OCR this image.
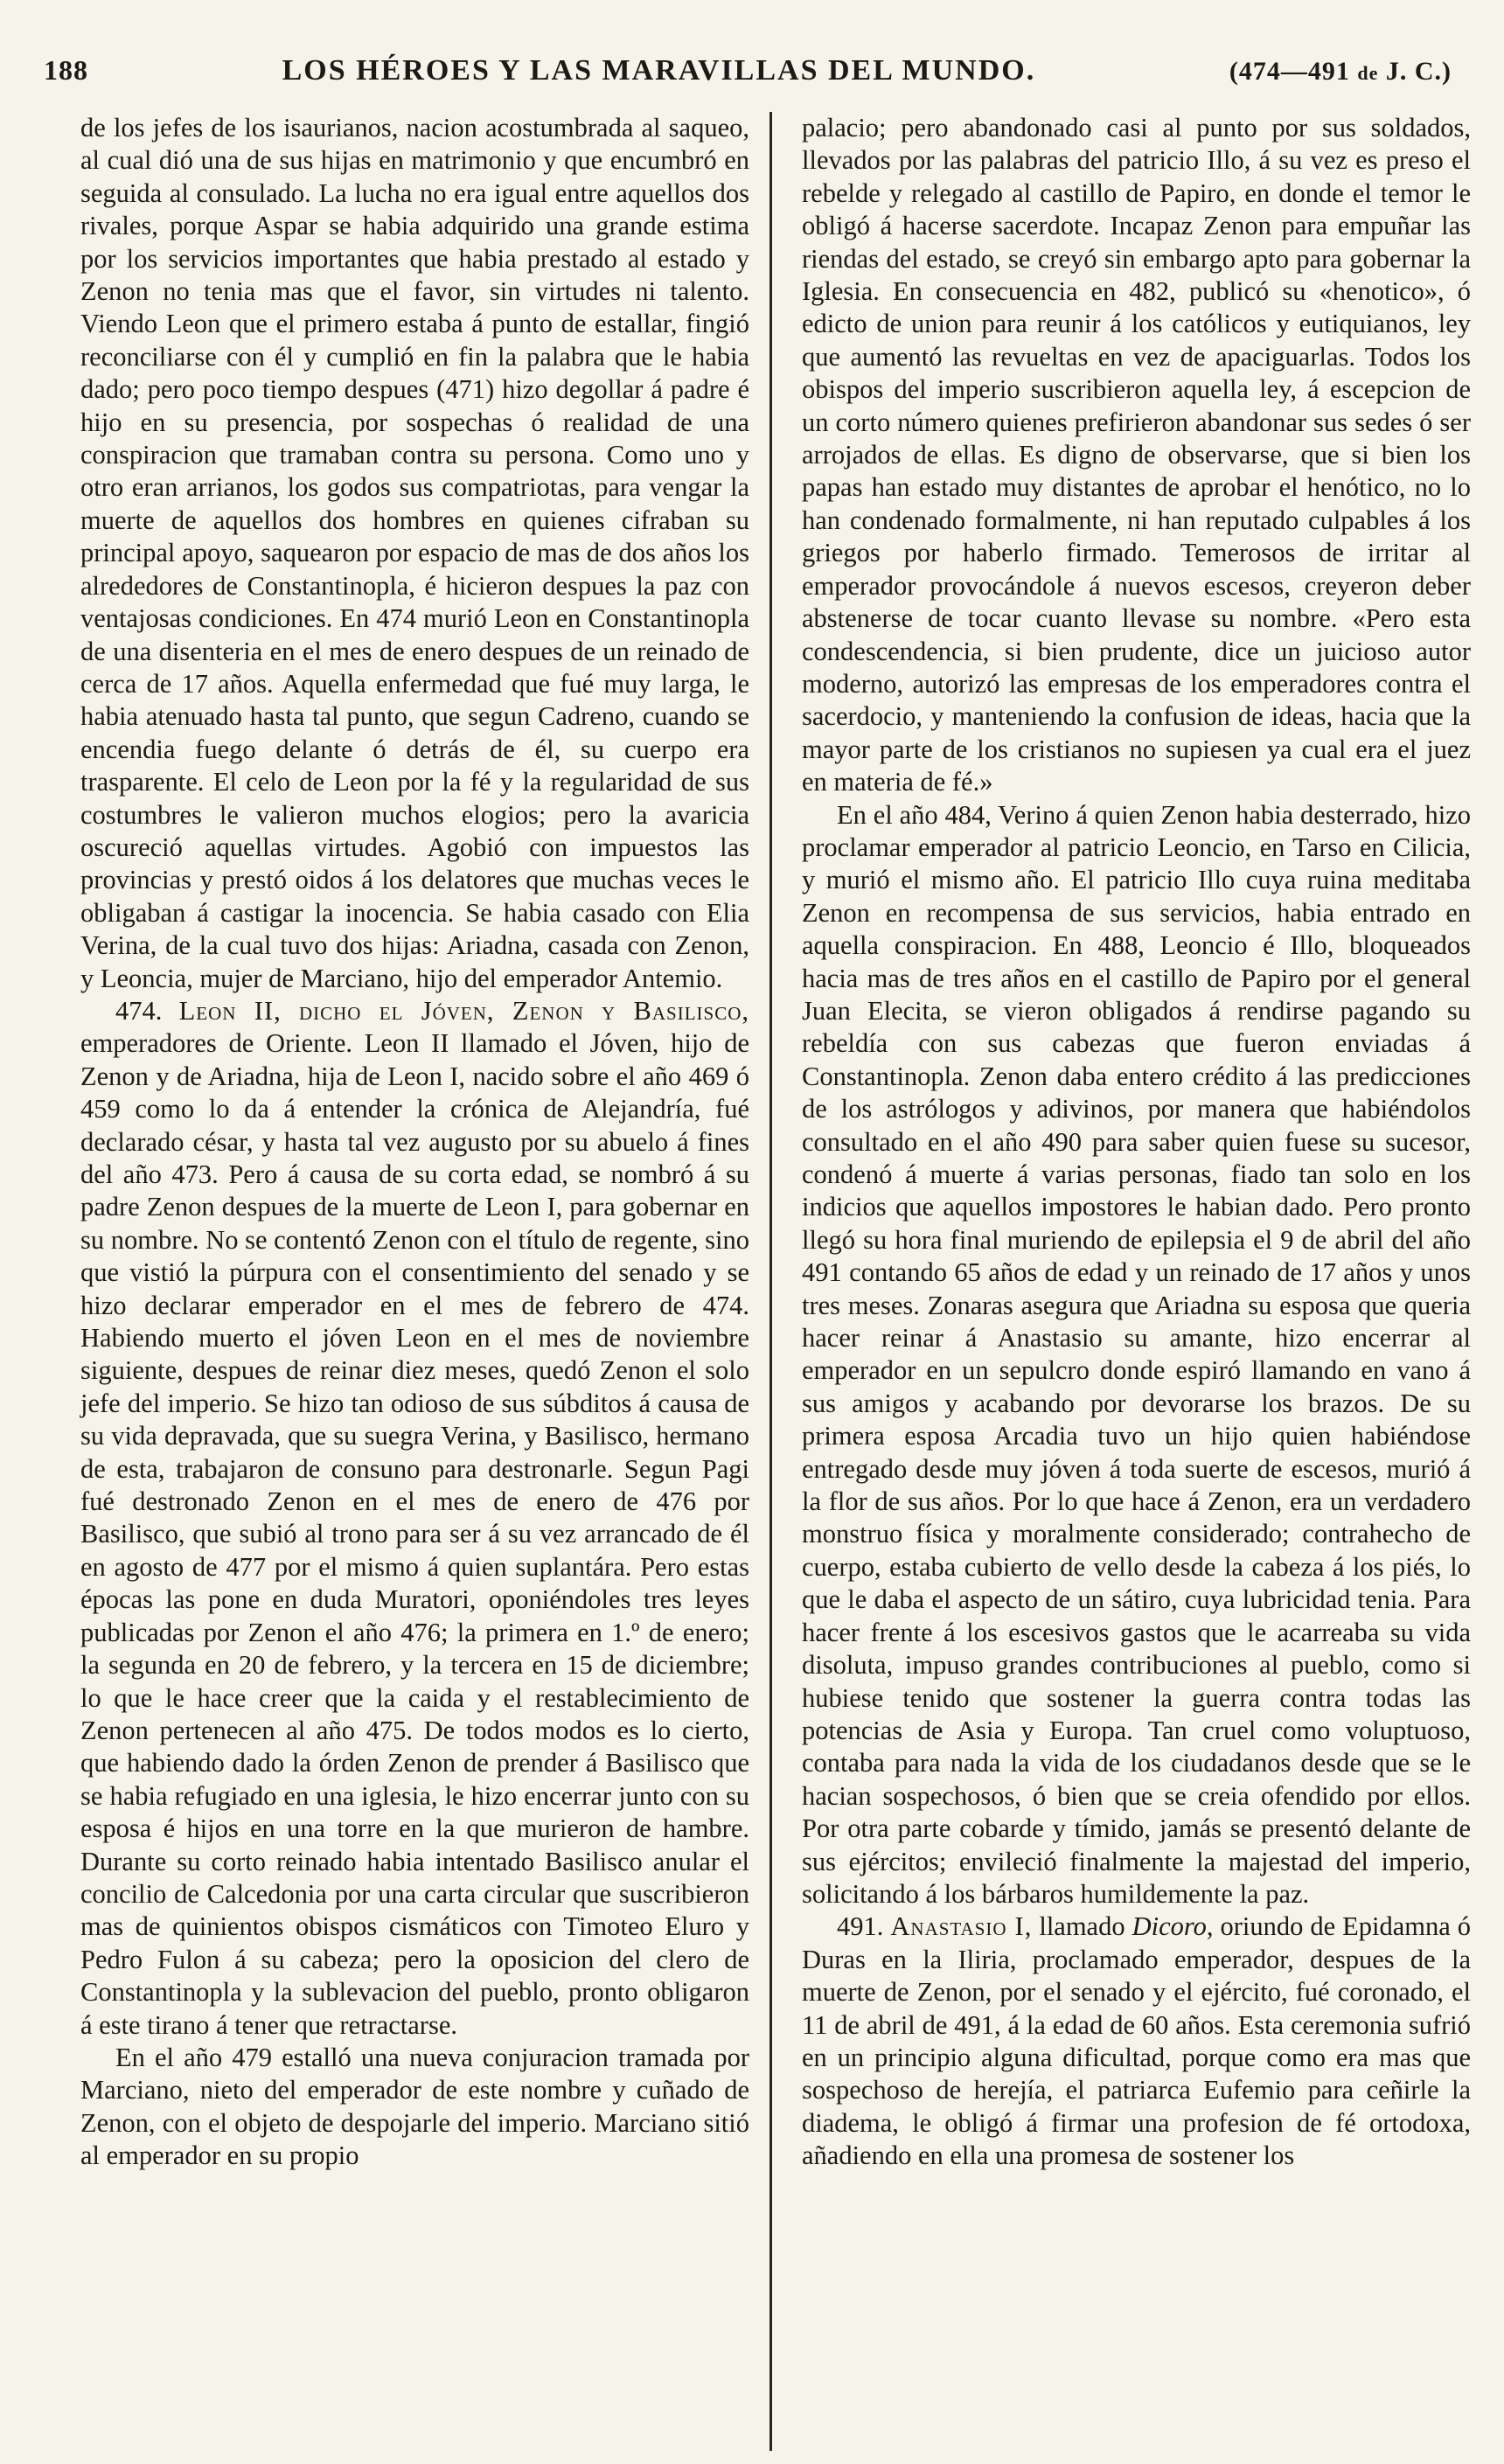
188	LOS HÉROES Y LAS MARAVILLAS DEL MUNDO.	(474—491 de J. C.)

de los jefes de los isaurianos, nacion acostumbrada al saqueo, al cual dió una de sus hijas en matrimonio y que encumbró en seguida al consulado. La lucha no era igual entre aquellos dos rivales, porque Aspar se habia adquirido una grande estima por los servicios importantes que habia prestado al estado y Zenon no tenia mas que el favor, sin virtudes ni talento. Viendo Leon que el primero estaba á punto de estallar, fingió reconciliarse con él y cumplió en fin la palabra que le habia dado; pero poco tiempo despues (471) hizo degollar á padre é hijo en su presencia, por sospechas ó realidad de una conspiracion que tramaban contra su persona. Como uno y otro eran arrianos, los godos sus compatriotas, para vengar la muerte de aquellos dos hombres en quienes cifraban su principal apoyo, saquearon por espacio de mas de dos años los alrededores de Constantinopla, é hicieron despues la paz con ventajosas condiciones. En 474 murió Leon en Constantinopla de una disenteria en el mes de enero despues de un reinado de cerca de 17 años. Aquella enfermedad que fué muy larga, le habia atenuado hasta tal punto, que segun Cadreno, cuando se encendia fuego delante ó detrás de él, su cuerpo era trasparente. El celo de Leon por la fé y la regularidad de sus costumbres le valieron muchos elogios; pero la avaricia oscureció aquellas virtudes. Agobió con impuestos las provincias y prestó oidos á los delatores que muchas veces le obligaban á castigar la inocencia. Se habia casado con Elia Verina, de la cual tuvo dos hijas: Ariadna, casada con Zenon, y Leoncia, mujer de Marciano, hijo del emperador Antemio.

474. Leon II, dicho el Jóven, Zenon y Basilisco, emperadores de Oriente. Leon II llamado el Jóven, hijo de Zenon y de Ariadna, hija de Leon I, nacido sobre el año 469 ó 459 como lo da á entender la crónica de Alejandría, fué declarado césar, y hasta tal vez augusto por su abuelo á fines del año 473. Pero á causa de su corta edad, se nombró á su padre Zenon despues de la muerte de Leon I, para gobernar en su nombre. No se contentó Zenon con el título de regente, sino que vistió la púrpura con el consentimiento del senado y se hizo declarar emperador en el mes de febrero de 474. Habiendo muerto el jóven Leon en el mes de noviembre siguiente, despues de reinar diez meses, quedó Zenon el solo jefe del imperio. Se hizo tan odioso de sus súbditos á causa de su vida depravada, que su suegra Verina, y Basilisco, hermano de esta, trabajaron de consuno para destronarle. Segun Pagi fué destronado Zenon en el mes de enero de 476 por Basilisco, que subió al trono para ser á su vez arrancado de él en agosto de 477 por el mismo á quien suplantára. Pero estas épocas las pone en duda Muratori, oponiéndoles tres leyes publicadas por Zenon el año 476; la primera en 1.º de enero; la segunda en 20 de febrero, y la tercera en 15 de diciembre; lo que le hace creer que la caida y el restablecimiento de Zenon pertenecen al año 475. De todos modos es lo cierto, que habiendo dado la órden Zenon de prender á Basilisco que se habia refugiado en una iglesia, le hizo encerrar junto con su esposa é hijos en una torre en la que murieron de hambre. Durante su corto reinado habia intentado Basilisco anular el concilio de Calcedonia por una carta circular que suscribieron mas de quinientos obispos cismáticos con Timoteo Eluro y Pedro Fulon á su cabeza; pero la oposicion del clero de Constantinopla y la sublevacion del pueblo, pronto obligaron á este tirano á tener que retractarse.

En el año 479 estalló una nueva conjuracion tramada por Marciano, nieto del emperador de este nombre y cuñado de Zenon, con el objeto de despojarle del imperio. Marciano sitió al emperador en su propio

palacio; pero abandonado casi al punto por sus soldados, llevados por las palabras del patricio Illo, á su vez es preso el rebelde y relegado al castillo de Papiro, en donde el temor le obligó á hacerse sacerdote. Incapaz Zenon para empuñar las riendas del estado, se creyó sin embargo apto para gobernar la Iglesia. En consecuencia en 482, publicó su «henotico», ó edicto de union para reunir á los católicos y eutiquianos, ley que aumentó las revueltas en vez de apaciguarlas. Todos los obispos del imperio suscribieron aquella ley, á escepcion de un corto número quienes prefirieron abandonar sus sedes ó ser arrojados de ellas. Es digno de observarse, que si bien los papas han estado muy distantes de aprobar el henótico, no lo han condenado formalmente, ni han reputado culpables á los griegos por haberlo firmado. Temerosos de irritar al emperador provocándole á nuevos escesos, creyeron deber abstenerse de tocar cuanto llevase su nombre. «Pero esta condescendencia, si bien prudente, dice un juicioso autor moderno, autorizó las empresas de los emperadores contra el sacerdocio, y manteniendo la confusion de ideas, hacia que la mayor parte de los cristianos no supiesen ya cual era el juez en materia de fé.»

En el año 484, Verino á quien Zenon habia desterrado, hizo proclamar emperador al patricio Leoncio, en Tarso en Cilicia, y murió el mismo año. El patricio Illo cuya ruina meditaba Zenon en recompensa de sus servicios, habia entrado en aquella conspiracion. En 488, Leoncio é Illo, bloqueados hacia mas de tres años en el castillo de Papiro por el general Juan Elecita, se vieron obligados á rendirse pagando su rebeldía con sus cabezas que fueron enviadas á Constantinopla. Zenon daba entero crédito á las predicciones de los astrólogos y adivinos, por manera que habiéndolos consultado en el año 490 para saber quien fuese su sucesor, condenó á muerte á varias personas, fiado tan solo en los indicios que aquellos impostores le habian dado. Pero pronto llegó su hora final muriendo de epilepsia el 9 de abril del año 491 contando 65 años de edad y un reinado de 17 años y unos tres meses. Zonaras asegura que Ariadna su esposa que queria hacer reinar á Anastasio su amante, hizo encerrar al emperador en un sepulcro donde espiró llamando en vano á sus amigos y acabando por devorarse los brazos. De su primera esposa Arcadia tuvo un hijo quien habiéndose entregado desde muy jóven á toda suerte de escesos, murió á la flor de sus años. Por lo que hace á Zenon, era un verdadero monstruo física y moralmente considerado; contrahecho de cuerpo, estaba cubierto de vello desde la cabeza á los piés, lo que le daba el aspecto de un sátiro, cuya lubricidad tenia. Para hacer frente á los escesivos gastos que le acarreaba su vida disoluta, impuso grandes contribuciones al pueblo, como si hubiese tenido que sostener la guerra contra todas las potencias de Asia y Europa. Tan cruel como voluptuoso, contaba para nada la vida de los ciudadanos desde que se le hacian sospechosos, ó bien que se creia ofendido por ellos. Por otra parte cobarde y tímido, jamás se presentó delante de sus ejércitos; envileció finalmente la majestad del imperio, solicitando á los bárbaros humildemente la paz.

491. Anastasio I, llamado Dicoro, oriundo de Epidamna ó Duras en la Iliria, proclamado emperador, despues de la muerte de Zenon, por el senado y el ejército, fué coronado, el 11 de abril de 491, á la edad de 60 años. Esta ceremonia sufrió en un principio alguna dificultad, porque como era mas que sospechoso de herejía, el patriarca Eufemio para ceñirle la diadema, le obligó á firmar una profesion de fé ortodoxa, añadiendo en ella una promesa de sostener los
